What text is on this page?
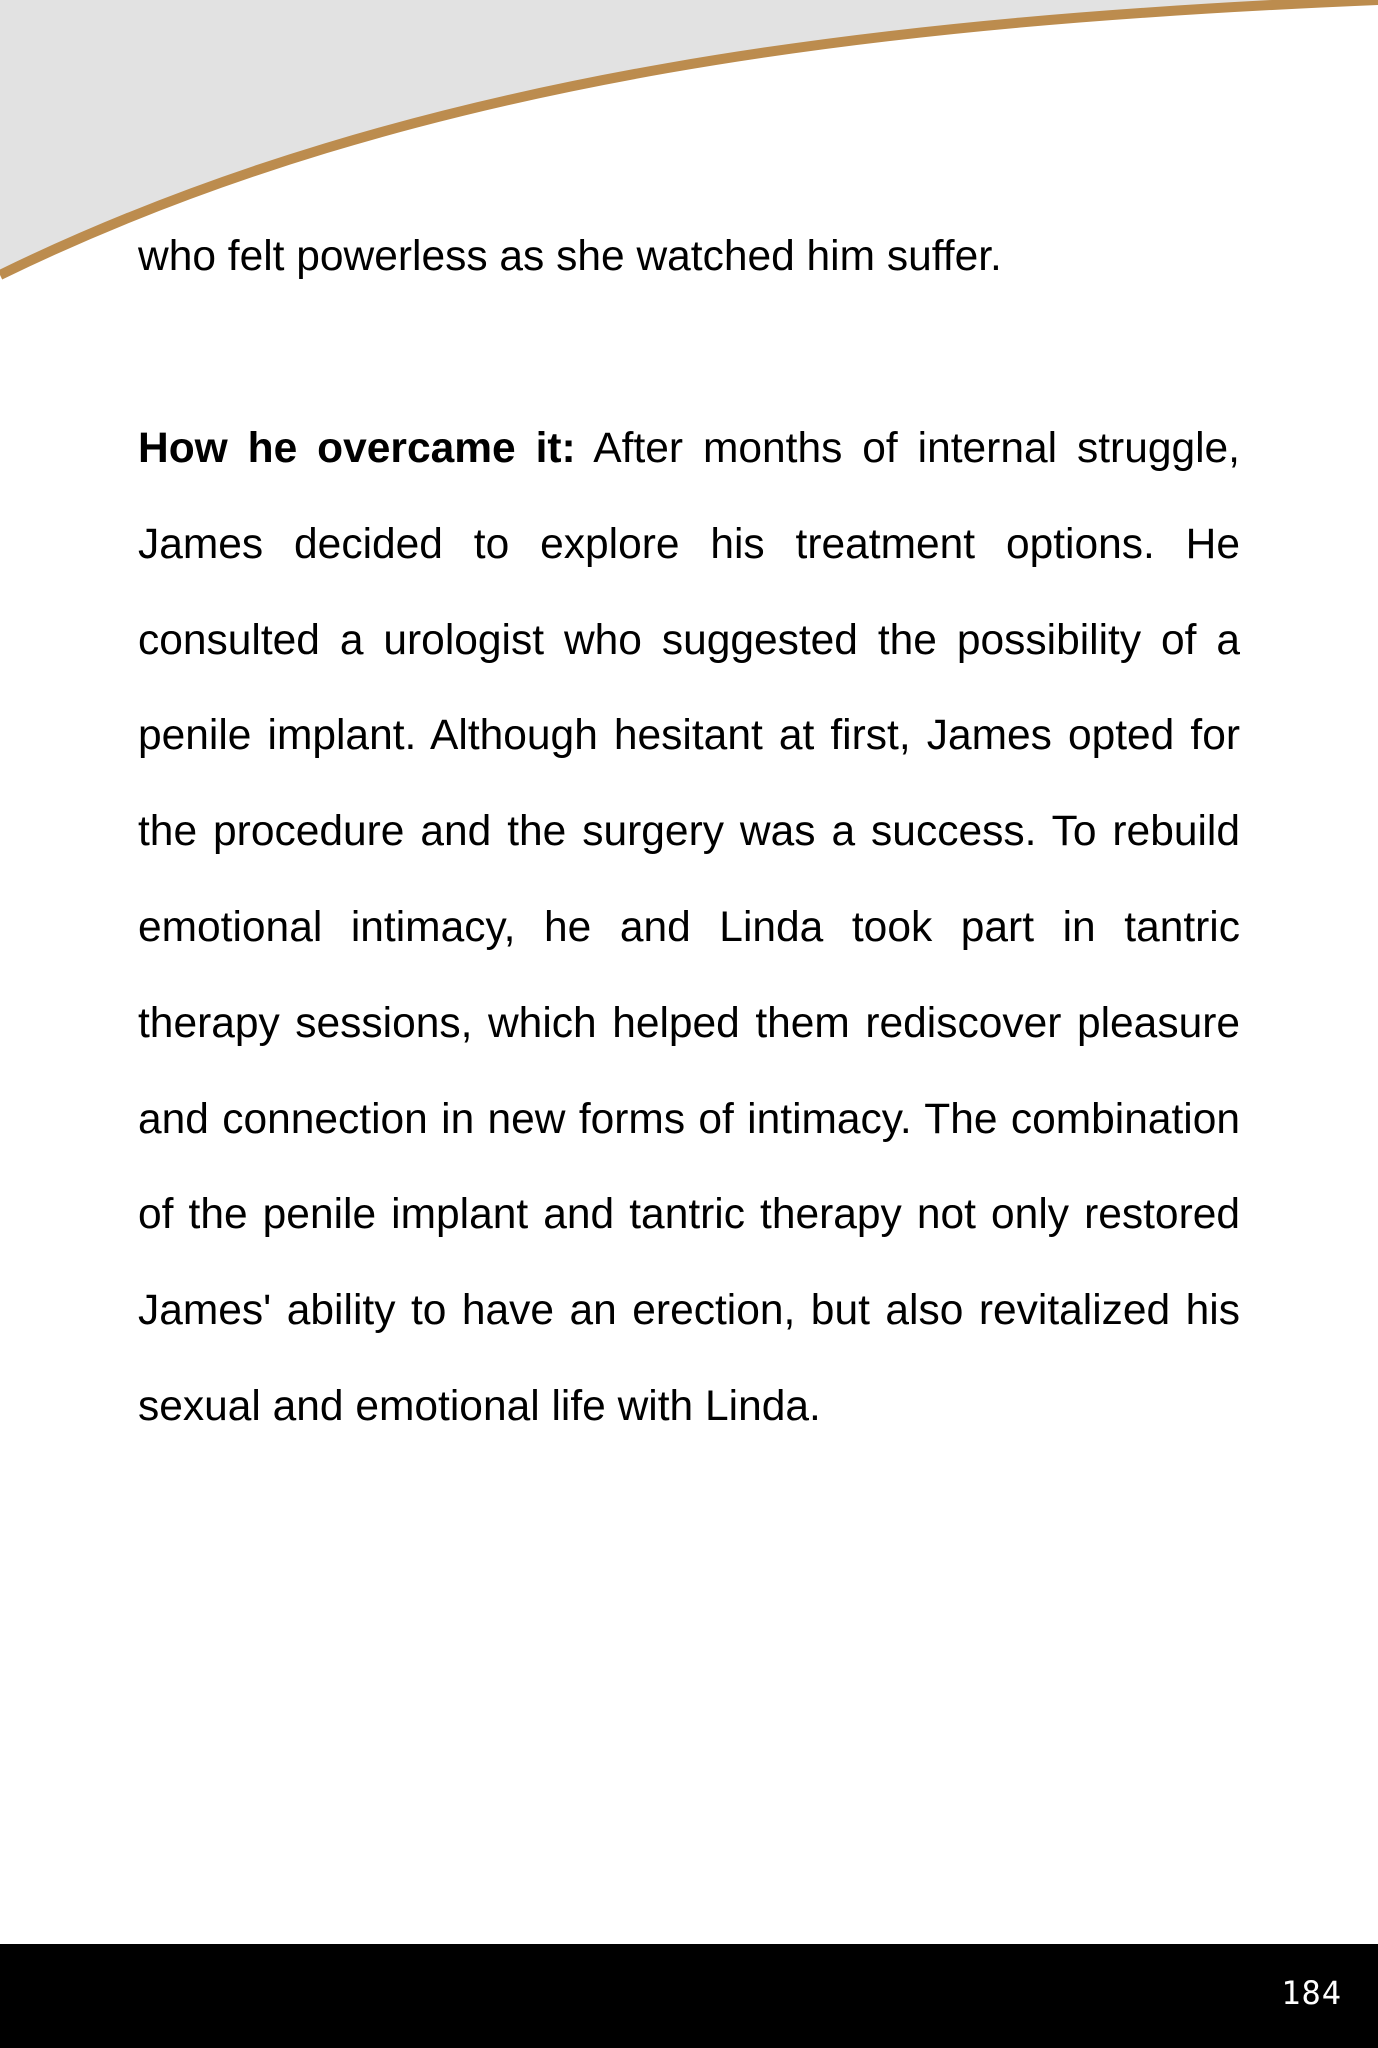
who felt powerless as she watched him suffer.

How he overcame it: After months of internal struggle, James decided to explore his treatment options. He consulted a urologist who suggested the possibility of a penile implant. Although hesitant at first, James opted for the procedure and the surgery was a success. To rebuild emotional intimacy, he and Linda took part in tantric therapy sessions, which helped them rediscover pleasure and connection in new forms of intimacy. The combination of the penile implant and tantric therapy not only restored James' ability to have an erection, but also revitalized his sexual and emotional life with Linda.

184
